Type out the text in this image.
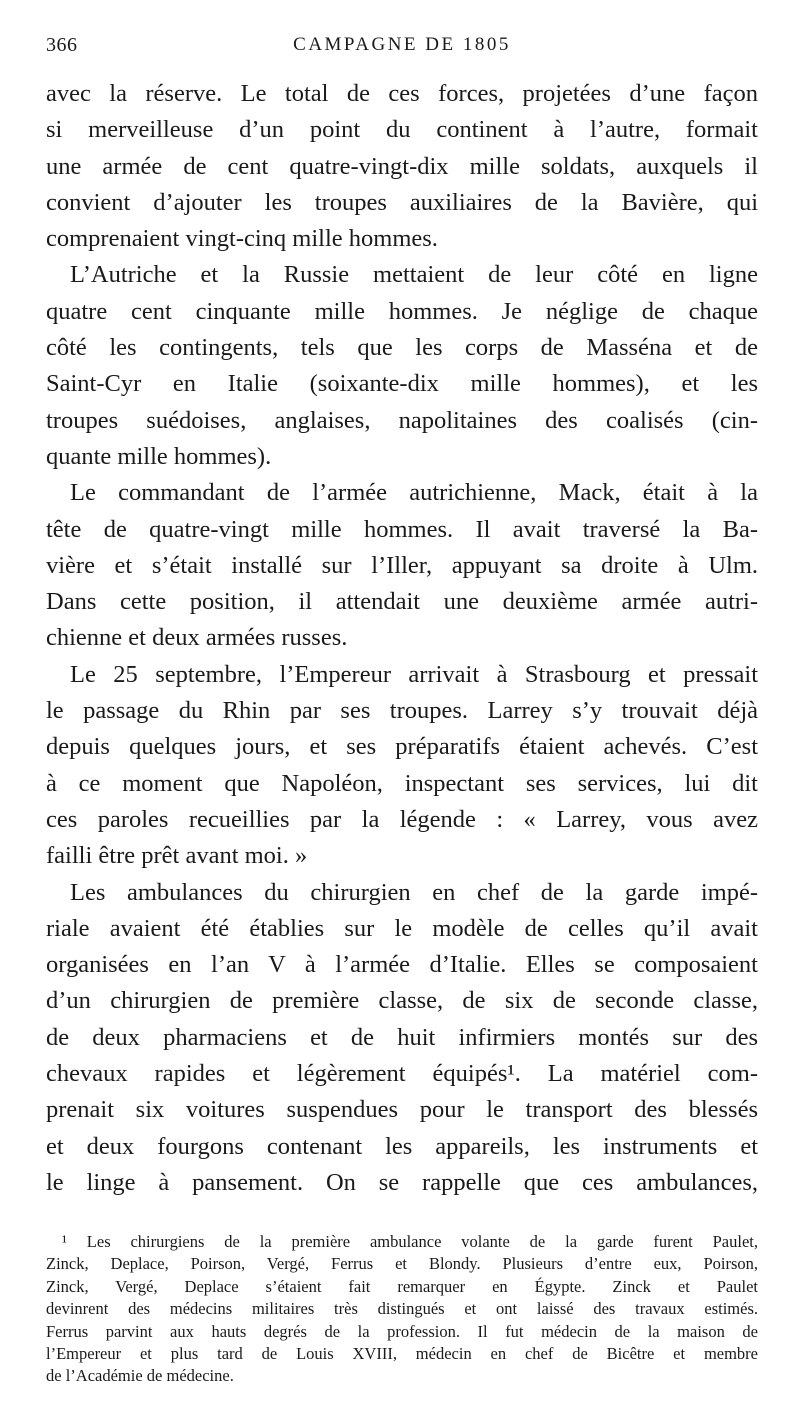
366	CAMPAGNE DE 1805
avec la réserve. Le total de ces forces, projetées d’une façon
si merveilleuse d’un point du continent à l’autre, formait
une armée de cent quatre-vingt-dix mille soldats, auxquels il
convient d’ajouter les troupes auxiliaires de la Bavière, qui
comprenaient vingt-cinq mille hommes.
L’Autriche et la Russie mettaient de leur côté en ligne
quatre cent cinquante mille hommes. Je néglige de chaque
côté les contingents, tels que les corps de Masséna et de
Saint-Cyr en Italie (soixante-dix mille hommes), et les
troupes suédoises, anglaises, napolitaines des coalisés (cin-
quante mille hommes).
Le commandant de l’armée autrichienne, Mack, était à la
tête de quatre-vingt mille hommes. Il avait traversé la Ba-
vière et s’était installé sur l’Iller, appuyant sa droite à Ulm.
Dans cette position, il attendait une deuxième armée autri-
chienne et deux armées russes.
Le 25 septembre, l’Empereur arrivait à Strasbourg et pressait
le passage du Rhin par ses troupes. Larrey s’y trouvait déjà
depuis quelques jours, et ses préparatifs étaient achevés. C’est
à ce moment que Napoléon, inspectant ses services, lui dit
ces paroles recueillies par la légende : « Larrey, vous avez
failli être prêt avant moi. »
Les ambulances du chirurgien en chef de la garde impé-
riale avaient été établies sur le modèle de celles qu’il avait
organisées en l’an V à l’armée d’Italie. Elles se composaient
d’un chirurgien de première classe, de six de seconde classe,
de deux pharmaciens et de huit infirmiers montés sur des
chevaux rapides et légèrement équipés¹. La matériel com-
prenait six voitures suspendues pour le transport des blessés
et deux fourgons contenant les appareils, les instruments et
le linge à pansement. On se rappelle que ces ambulances,
¹ Les chirurgiens de la première ambulance volante de la garde furent Paulet,
Zinck, Deplace, Poirson, Vergé, Ferrus et Blondy. Plusieurs d’entre eux, Poirson,
Zinck, Vergé, Deplace s’étaient fait remarquer en Égypte. Zinck et Paulet
devinrent des médecins militaires très distingués et ont laissé des travaux estimés.
Ferrus parvint aux hauts degrés de la profession. Il fut médecin de la maison de
l’Empereur et plus tard de Louis XVIII, médecin en chef de Bicêtre et membre
de l’Académie de médecine.
